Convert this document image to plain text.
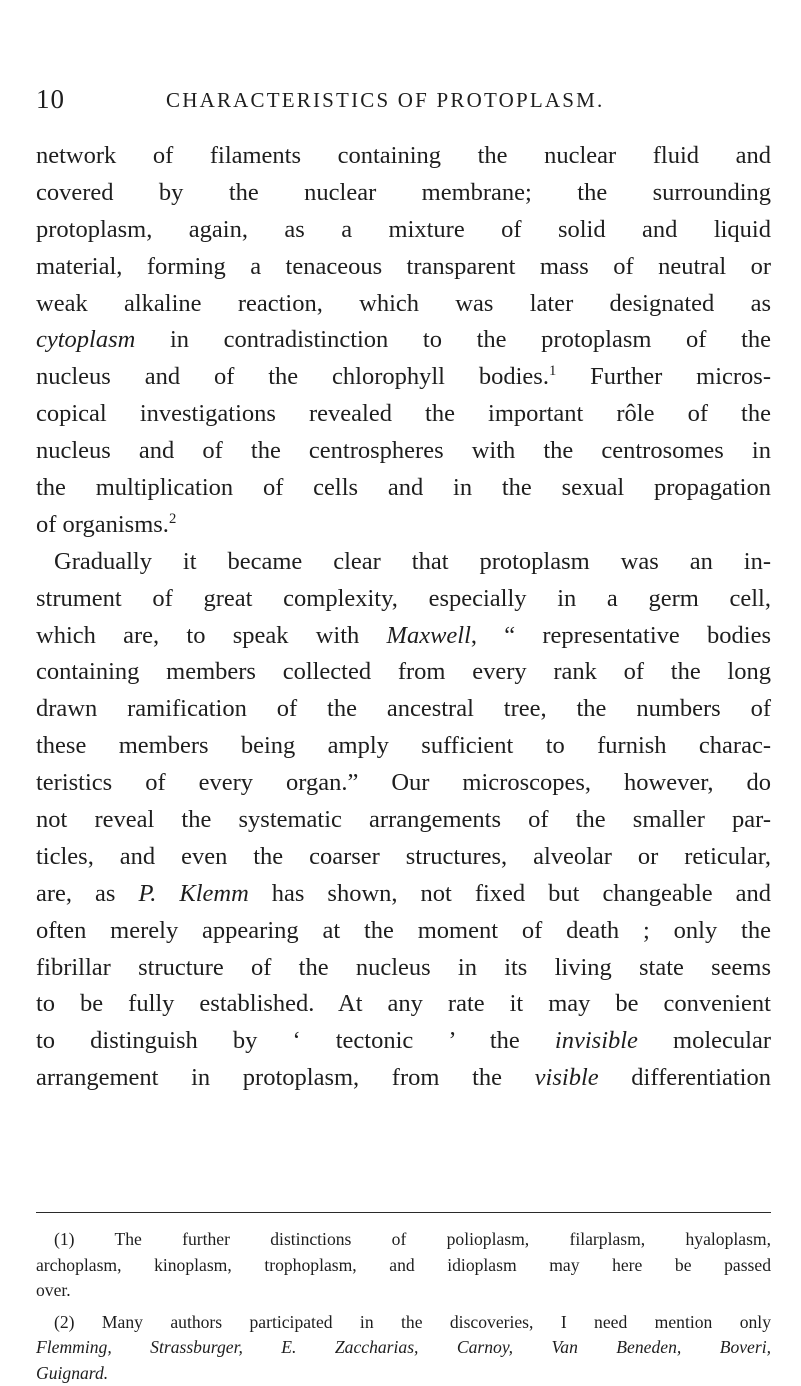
10	CHARACTERISTICS OF PROTOPLASM.
network of filaments containing the nuclear fluid and
covered by the nuclear membrane; the surrounding
protoplasm, again, as a mixture of solid and liquid
material, forming a tenaceous transparent mass of neutral or
weak alkaline reaction, which was later designated as
cytoplasm in contradistinction to the protoplasm of the
nucleus and of the chlorophyll bodies.$^1$ Further micros-
copical investigations revealed the important rôle of the
nucleus and of the centrospheres with the centrosomes in
the multiplication of cells and in the sexual propagation
of organisms.$^2$
Gradually it became clear that protoplasm was an in-
strument of great complexity, especially in a germ cell,
which are, to speak with Maxwell, “ representative bodies
containing members collected from every rank of the long
drawn ramification of the ancestral tree, the numbers of
these members being amply sufficient to furnish charac-
teristics of every organ.” Our microscopes, however, do
not reveal the systematic arrangements of the smaller par-
ticles, and even the coarser structures, alveolar or reticular,
are, as P. Klemm has shown, not fixed but changeable and
often merely appearing at the moment of death ; only the
fibrillar structure of the nucleus in its living state seems
to be fully established. At any rate it may be convenient
to distinguish by ‘ tectonic ’ the invisible molecular
arrangement in protoplasm, from the visible differentiation
(1) The further distinctions of polioplasm, filarplasm, hyaloplasm,
archoplasm, kinoplasm, trophoplasm, and idioplasm may here be passed
over.
(2) Many authors participated in the discoveries, I need mention only
Flemming, Strassburger, E. Zaccharias, Carnoy, Van Beneden, Boveri,
Guignard.
